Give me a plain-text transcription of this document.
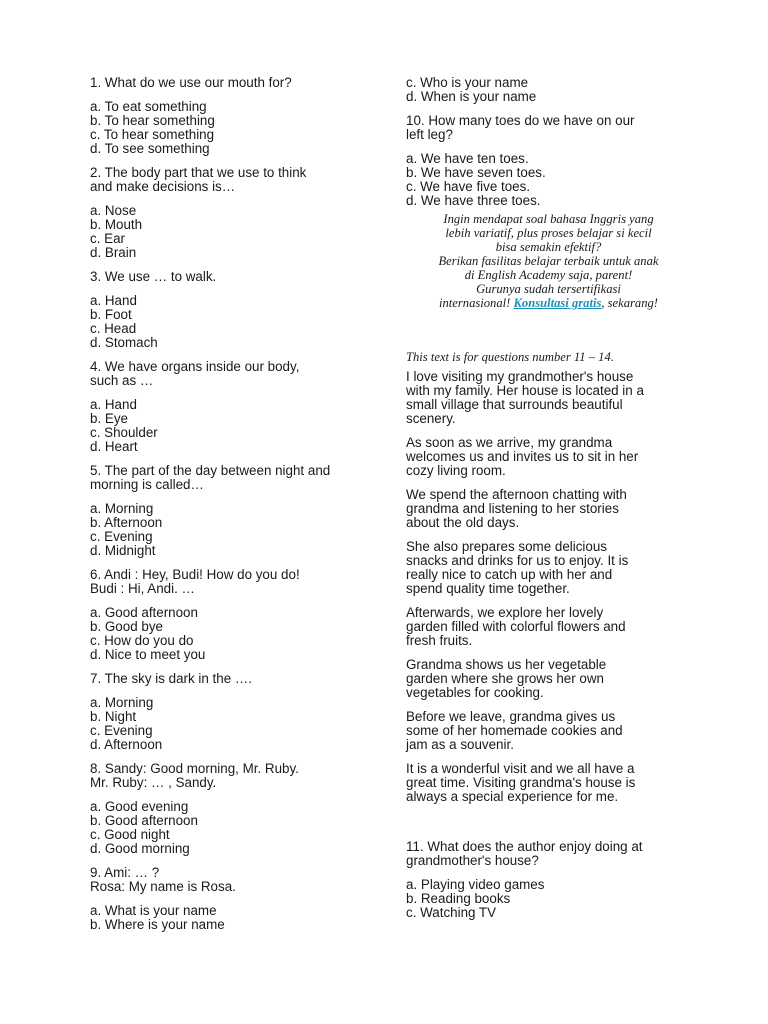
1. What do we use our mouth for?
a. To eat something
b. To hear something
c. To hear something
d. To see something
2. The body part that we use to think
and make decisions is…
a. Nose
b. Mouth
c. Ear
d. Brain
3. We use … to walk.
a. Hand
b. Foot
c. Head
d. Stomach
4. We have organs inside our body,
such as …
a. Hand
b. Eye
c. Shoulder
d. Heart
5. The part of the day between night and
morning is called…
a. Morning
b. Afternoon
c. Evening
d. Midnight
6. Andi : Hey, Budi! How do you do!
Budi : Hi, Andi. …
a. Good afternoon
b. Good bye
c. How do you do
d. Nice to meet you
7. The sky is dark in the ….
a. Morning
b. Night
c. Evening
d. Afternoon
8. Sandy: Good morning, Mr. Ruby.
Mr. Ruby: … , Sandy.
a. Good evening
b. Good afternoon
c. Good night
d. Good morning
9. Ami: … ?
Rosa: My name is Rosa.
a. What is your name
b. Where is your name
c. Who is your name
d. When is your name
10. How many toes do we have on our
left leg?
a. We have ten toes.
b. We have seven toes.
c. We have five toes.
d. We have three toes.
Ingin mendapat soal bahasa Inggris yang
lebih variatif, plus proses belajar si kecil
bisa semakin efektif?
Berikan fasilitas belajar terbaik untuk anak
di English Academy saja, parent!
Gurunya sudah tersertifikasi
internasional! Konsultasi gratis, sekarang!
This text is for questions number 11 – 14.
I love visiting my grandmother's house
with my family. Her house is located in a
small village that surrounds beautiful
scenery.
As soon as we arrive, my grandma
welcomes us and invites us to sit in her
cozy living room.
We spend the afternoon chatting with
grandma and listening to her stories
about the old days.
She also prepares some delicious
snacks and drinks for us to enjoy. It is
really nice to catch up with her and
spend quality time together.
Afterwards, we explore her lovely
garden filled with colorful flowers and
fresh fruits.
Grandma shows us her vegetable
garden where she grows her own
vegetables for cooking.
Before we leave, grandma gives us
some of her homemade cookies and
jam as a souvenir.
It is a wonderful visit and we all have a
great time. Visiting grandma's house is
always a special experience for me.
11. What does the author enjoy doing at
grandmother's house?
a. Playing video games
b. Reading books
c. Watching TV
